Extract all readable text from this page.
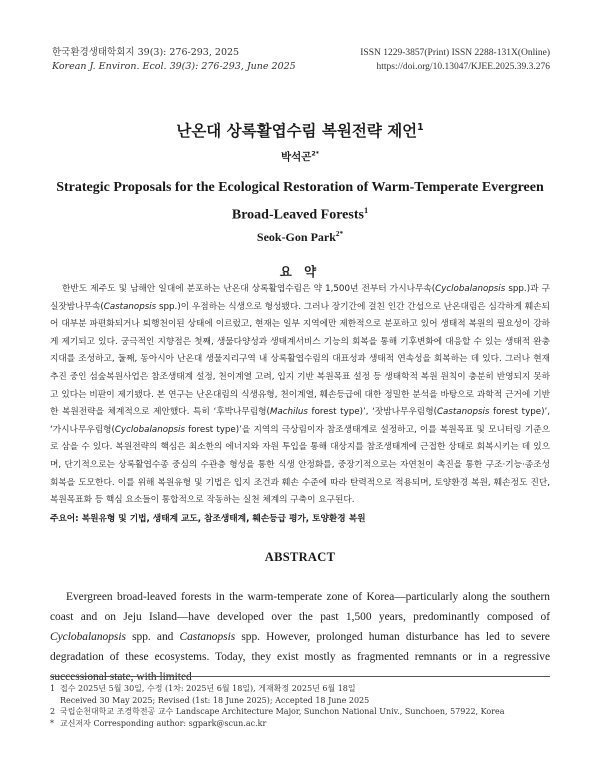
한국환경생태학회지 39(3): 276-293, 2025
Korean J. Environ. Ecol. 39(3): 276-293, June 2025
ISSN 1229-3857(Print) ISSN 2288-131X(Online)
https://doi.org/10.13047/KJEE.2025.39.3.276
난온대 상록활엽수림 복원전략 제언$^1$
박석곤$^{2*}$
Strategic Proposals for the Ecological Restoration of Warm-Temperate Evergreen Broad-Leaved Forests$^1$
Seok-Gon Park$^{2*}$
요 약
한반도 제주도 및 남해안 일대에 분포하는 난온대 상록활엽수림은 약 1,500년 전부터 가시나무속(Cyclobalanopsis spp.)과 구실잣밤나무속(Castanopsis spp.)이 우점하는 식생으로 형성됐다. 그러나 장기간에 걸친 인간 간섭으로 난온대림은 심각하게 훼손되어 대부분 파편화되거나 퇴행천이된 상태에 이르렀고, 현재는 일부 지역에만 제한적으로 분포하고 있어 생태적 복원의 필요성이 강하게 제기되고 있다. 궁극적인 지향점은 첫째, 생물다양성과 생태계서비스 기능의 회복을 통해 기후변화에 대응할 수 있는 생태적 완충지대를 조성하고, 둘째, 동아시아 난온대 생물지리구역 내 상록활엽수림의 대표성과 생태적 연속성을 회복하는 데 있다. 그러나 현재 추진 중인 섬숲복원사업은 참조생태계 설정, 천이계열 고려, 입지 기반 복원목표 설정 등 생태학적 복원 원칙이 충분히 반영되지 못하고 있다는 비판이 제기됐다. 본 연구는 난온대림의 식생유형, 천이계열, 훼손등급에 대한 정밀한 분석을 바탕으로 과학적 근거에 기반한 복원전략을 체계적으로 제안했다. 특히 ‘후박나무림형(Machilus forest type)’, ‘잣밤나무우림형(Castanopsis forest type)’, ‘가시나무우림형(Cyclobalanopsis forest type)’을 지역의 극상림이자 참조생태계로 설정하고, 이를 복원목표 및 모니터링 기준으로 삼을 수 있다. 복원전략의 핵심은 최소한의 에너지와 자원 투입을 통해 대상지를 참조생태계에 근접한 상태로 회복시키는 데 있으며, 단기적으로는 상록활엽수종 중심의 수관층 형성을 통한 식생 안정화를, 중장기적으로는 자연천이 촉진을 통한 구조·기능·종조성 회복을 도모한다. 이를 위해 복원유형 및 기법은 입지 조건과 훼손 수준에 따라 탄력적으로 적용되며, 토양환경 복원, 훼손정도 진단, 복원목표화 등 핵심 요소들이 통합적으로 작동하는 실천 체계의 구축이 요구된다.
주요어: 복원유형 및 기법, 생태계 교도, 참조생태계, 훼손등급 평가, 토양환경 복원
ABSTRACT
Evergreen broad-leaved forests in the warm-temperate zone of Korea—particularly along the southern coast and on Jeju Island—have developed over the past 1,500 years, predominantly composed of Cyclobalanopsis spp. and Castanopsis spp. However, prolonged human disturbance has led to severe degradation of these ecosystems. Today, they exist mostly as fragmented remnants or in a regressive successional state, with limited
1 접수 2025년 5월 30일, 수정 (1차: 2025년 6월 18일), 게재확정 2025년 6월 18일
Received 30 May 2025; Revised (1st: 18 June 2025); Accepted 18 June 2025
2 국립순천대학교 조경학전공 교수 Landscape Architecture Major, Sunchon National Univ., Sunchoen, 57922, Korea
* 교신저자 Corresponding author: sgpark@scun.ac.kr
